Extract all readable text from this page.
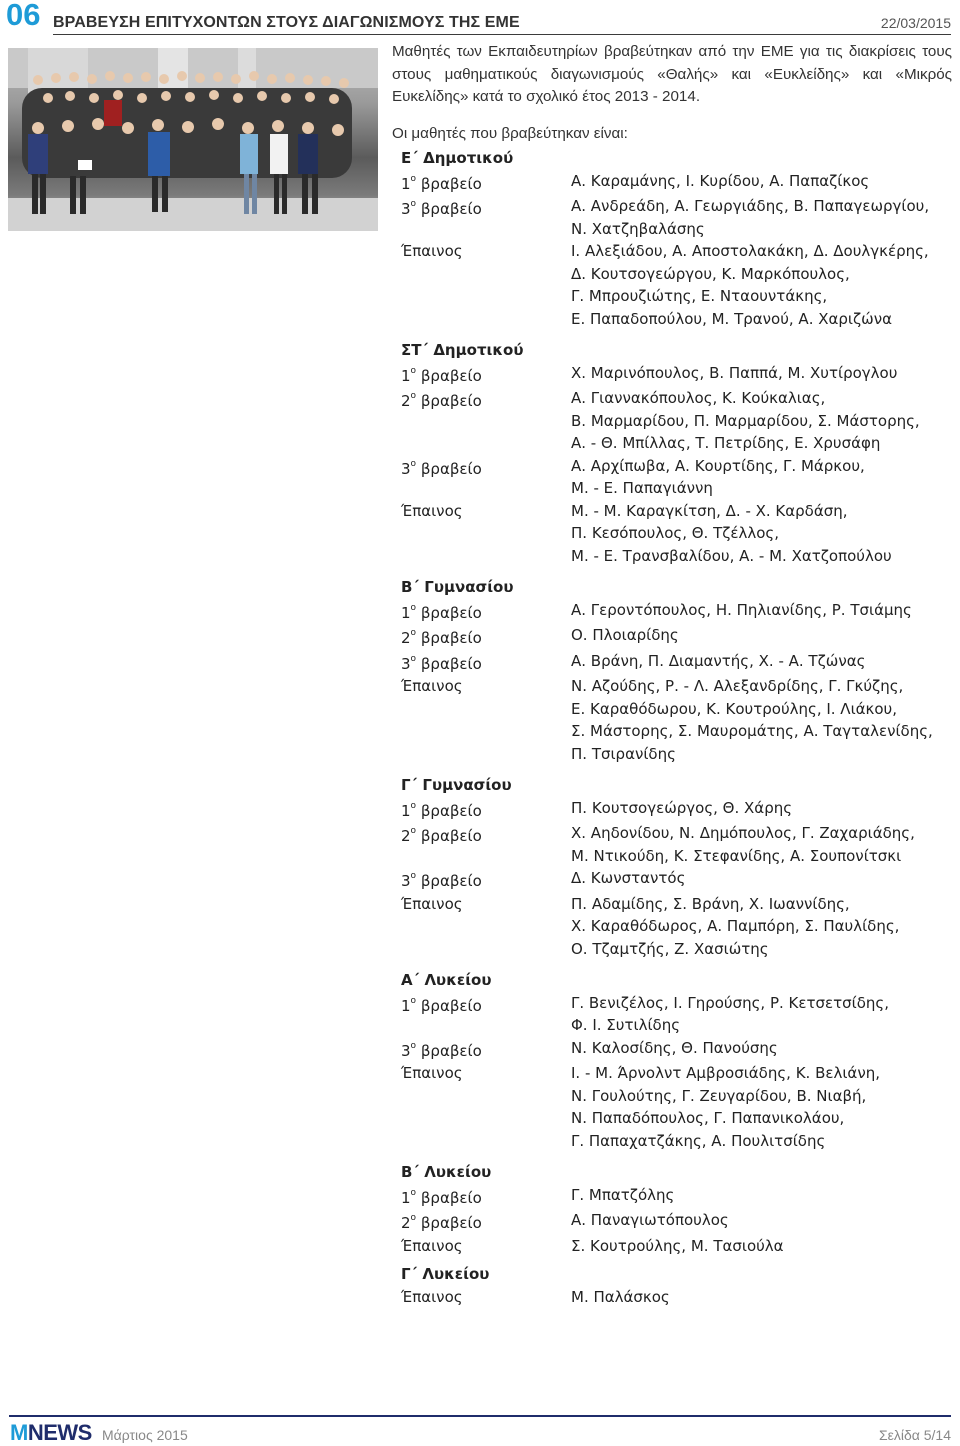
06 ΒΡΑΒΕΥΣΗ ΕΠΙΤΥΧΟΝΤΩΝ ΣΤΟΥΣ ΔΙΑΓΩΝΙΣΜΟΥΣ ΤΗΣ ΕΜΕ	22/03/2015

Μαθητές των Εκπαιδευτηρίων βραβεύτηκαν από την ΕΜΕ για τις διακρίσεις τους στους μαθηματικούς διαγωνισμούς «Θαλής» και «Ευκλείδης» και «Μικρός Ευκελίδης» κατά το σχολικό έτος 2013 - 2014.

Οι μαθητές που βραβεύτηκαν είναι:

Ε΄ Δημοτικού
$1^o$ βραβείο	Α. Καραμάνης, Ι. Κυρίδου, Α. Παπαζίκος
$3^o$ βραβείο	Α. Ανδρεάδη, Α. Γεωργιάδης, Β. Παπαγεωργίου,
Ν. Χατζηβαλάσης
Έπαινος	Ι. Αλεξιάδου, Α. Αποστολακάκη, Δ. Δουλγκέρης,
Δ. Κουτσογεώργου, Κ. Μαρκόπουλος,
Γ. Μπρουζιώτης, Ε. Νταουντάκης,
Ε. Παπαδοπούλου, Μ. Τρανού, Α. Χαριζώνα
ΣΤ΄ Δημοτικού
$1^o$ βραβείο	Χ. Μαρινόπουλος, Β. Παππά, Μ. Χυτίρογλου
$2^o$ βραβείο	Α. Γιαννακόπουλος, Κ. Κούκαλιας,
Β. Μαρμαρίδου, Π. Μαρμαρίδου, Σ. Μάστορης,
Α. - Θ. Μπίλλας, Τ. Πετρίδης, Ε. Χρυσάφη
$3^o$ βραβείο	Α. Αρχίπωβα, Α. Κουρτίδης, Γ. Μάρκου,
Μ. - Ε. Παπαγιάννη
Έπαινος	Μ. - Μ. Καραγκίτση, Δ. - Χ. Καρδάση,
Π. Κεσόπουλος, Θ. Τζέλλος,
Μ. - Ε. Τρανσβαλίδου, Α. - Μ. Χατζοπούλου
Β΄ Γυμνασίου
$1^o$ βραβείο	Α. Γεροντόπουλος, Η. Πηλιανίδης, Ρ. Τσιάμης
$2^o$ βραβείο	Ο. Πλοιαρίδης
$3^o$ βραβείο	Α. Βράνη, Π. Διαμαντής, Χ. - Α. Τζώνας
Έπαινος	Ν. Αζούδης, Ρ. - Λ. Αλεξανδρίδης, Γ. Γκύζης,
Ε. Καραθόδωρου, Κ. Κουτρούλης, Ι. Λιάκου,
Σ. Μάστορης, Σ. Μαυρομάτης, Α. Ταγταλενίδης,
Π. Τσιρανίδης
Γ΄ Γυμνασίου
$1^o$ βραβείο	Π. Κουτσογεώργος, Θ. Χάρης
$2^o$ βραβείο	Χ. Αηδονίδου, Ν. Δημόπουλος, Γ. Ζαχαριάδης,
Μ. Ντικούδη, Κ. Στεφανίδης, Α. Σουπονίτσκι
$3^o$ βραβείο	Δ. Κωνσταντός
Έπαινος	Π. Αδαμίδης, Σ. Βράνη, Χ. Ιωαννίδης,
Χ. Καραθόδωρος, Α. Παμπόρη, Σ. Παυλίδης,
Ο. Τζαμτζής, Ζ. Χασιώτης
Α΄ Λυκείου
$1^o$ βραβείο	Γ. Βενιζέλος, Ι. Γηρούσης, Ρ. Κετσετσίδης,
Φ. Ι. Συτιλίδης
$3^o$ βραβείο	Ν. Καλοσίδης, Θ. Πανούσης
Έπαινος	Ι. - Μ. Άρνολντ Αμβροσιάδης, Κ. Βελιάνη,
Ν. Γουλούτης, Γ. Ζευγαρίδου, Β. Νιαβή,
Ν. Παπαδόπουλος, Γ. Παπανικολάου,
Γ. Παπαχατζάκης, Α. Πουλιτσίδης
Β΄ Λυκείου
$1^o$ βραβείο	Γ. Μπατζόλης
$2^o$ βραβείο	Α. Παναγιωτόπουλος
Έπαινος	Σ. Κουτρούλης, Μ. Τασιούλα
Γ΄ Λυκείου
Έπαινος	Μ. Παλάσκος
MNEWS Μάρτιος 2015	Σελίδα 5/14
